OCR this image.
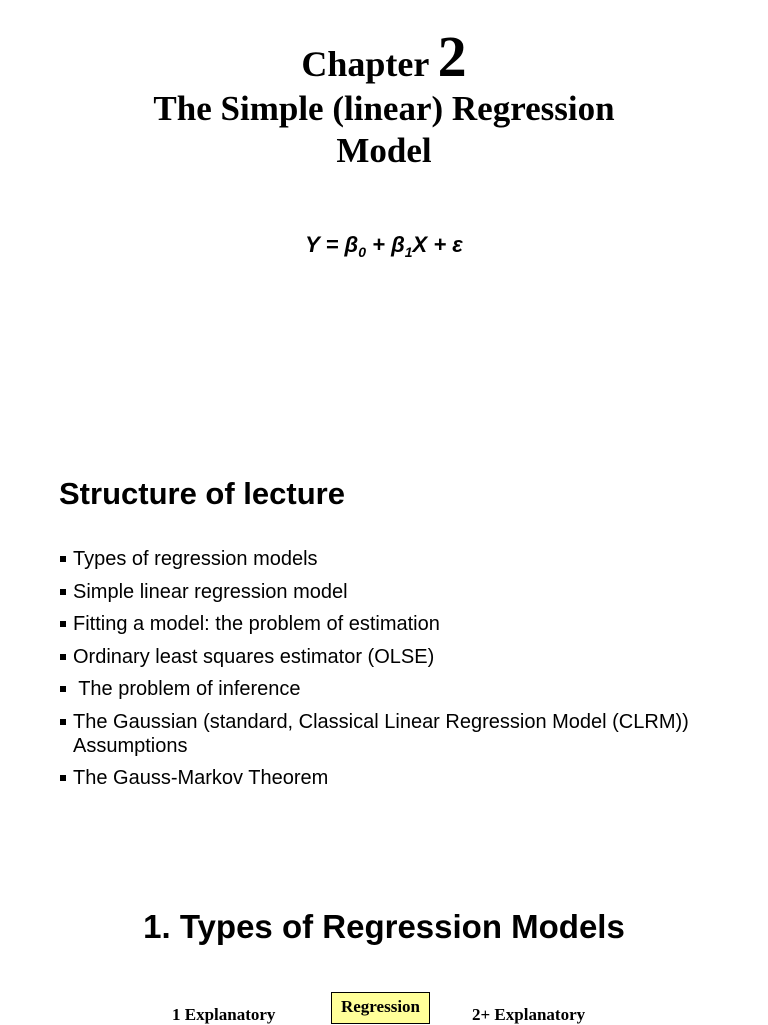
Chapter 2
The Simple (linear) Regression
Model
$Y = \beta_0 + \beta_1X + \varepsilon$
Structure of lecture
Types of regression models
Simple linear regression model
Fitting a model: the problem of estimation
Ordinary least squares estimator (OLSE)
The problem of inference
The Gaussian (standard, Classical Linear Regression Model (CLRM)) Assumptions
The Gauss-Markov Theorem
1. Types of Regression Models
1 Explanatory	Regression	2+ Explanatory
